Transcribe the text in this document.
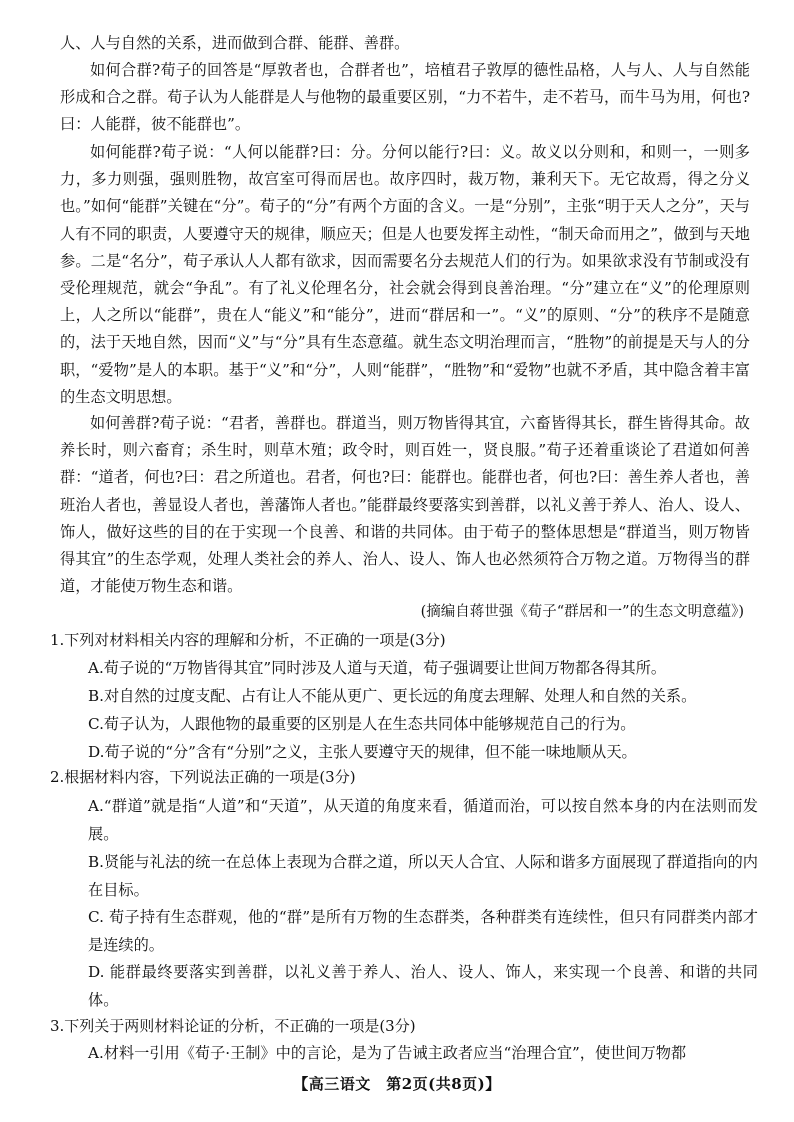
人、人与自然的关系，进而做到合群、能群、善群。

如何合群?荀子的回答是“厚敦者也，合群者也”，培植君子敦厚的德性品格，人与人、人与自然能形成和合之群。荀子认为人能群是人与他物的最重要区别，“力不若牛，走不若马，而牛马为用，何也?曰：人能群，彼不能群也”。

如何能群?荀子说：“人何以能群?曰：分。分何以能行?曰：义。故义以分则和，和则一，一则多力，多力则强，强则胜物，故宫室可得而居也。故序四时，裁万物，兼利天下。无它故焉，得之分义也。”如何“能群”关键在“分”。荀子的“分”有两个方面的含义。一是“分别”，主张“明于天人之分”，天与人有不同的职责，人要遵守天的规律，顺应天；但是人也要发挥主动性，“制天命而用之”，做到与天地参。二是“名分”，荀子承认人人都有欲求，因而需要名分去规范人们的行为。如果欲求没有节制或没有受伦理规范，就会“争乱”。有了礼义伦理名分，社会就会得到良善治理。“分”建立在“义”的伦理原则上，人之所以“能群”，贵在人“能义”和“能分”，进而“群居和一”。“义”的原则、“分”的秩序不是随意的，法于天地自然，因而“义”与“分”具有生态意蕴。就生态文明治理而言，“胜物”的前提是天与人的分职，“爱物”是人的本职。基于“义”和“分”，人则“能群”，“胜物”和“爱物”也就不矛盾，其中隐含着丰富的生态文明思想。

如何善群?荀子说：“君者，善群也。群道当，则万物皆得其宜，六畜皆得其长，群生皆得其命。故养长时，则六畜育；杀生时，则草木殖；政令时，则百姓一，贤良服。”荀子还着重谈论了君道如何善群：“道者，何也?曰：君之所道也。君者，何也?曰：能群也。能群也者，何也?曰：善生养人者也，善班治人者也，善显设人者也，善藩饰人者也。”能群最终要落实到善群，以礼义善于养人、治人、设人、饰人，做好这些的目的在于实现一个良善、和谐的共同体。由于荀子的整体思想是“群道当，则万物皆得其宜”的生态学观，处理人类社会的养人、治人、设人、饰人也必然须符合万物之道。万物得当的群道，才能使万物生态和谐。

(摘编自蒋世强《荀子“群居和一”的生态文明意蕴》)
1.下列对材料相关内容的理解和分析，不正确的一项是(3分)
A.荀子说的“万物皆得其宜”同时涉及人道与天道，荀子强调要让世间万物都各得其所。
B.对自然的过度支配、占有让人不能从更广、更长远的角度去理解、处理人和自然的关系。
C.荀子认为，人跟他物的最重要的区别是人在生态共同体中能够规范自己的行为。
D.荀子说的“分”含有“分别”之义，主张人要遵守天的规律，但不能一味地顺从天。
2.根据材料内容，下列说法正确的一项是(3分)
A.“群道”就是指“人道”和“天道”，从天道的角度来看，循道而治，可以按自然本身的内在法则而发展。
B.贤能与礼法的统一在总体上表现为合群之道，所以天人合宜、人际和谐多方面展现了群道指向的内在目标。
C. 荀子持有生态群观，他的“群”是所有万物的生态群类，各种群类有连续性，但只有同群类内部才是连续的。
D. 能群最终要落实到善群，以礼义善于养人、治人、设人、饰人，来实现一个良善、和谐的共同体。
3.下列关于两则材料论证的分析，不正确的一项是(3分)
A.材料一引用《荀子·王制》中的言论，是为了告诫主政者应当“治理合宜”，使世间万物都
【高三语文　第2页(共8页)】
